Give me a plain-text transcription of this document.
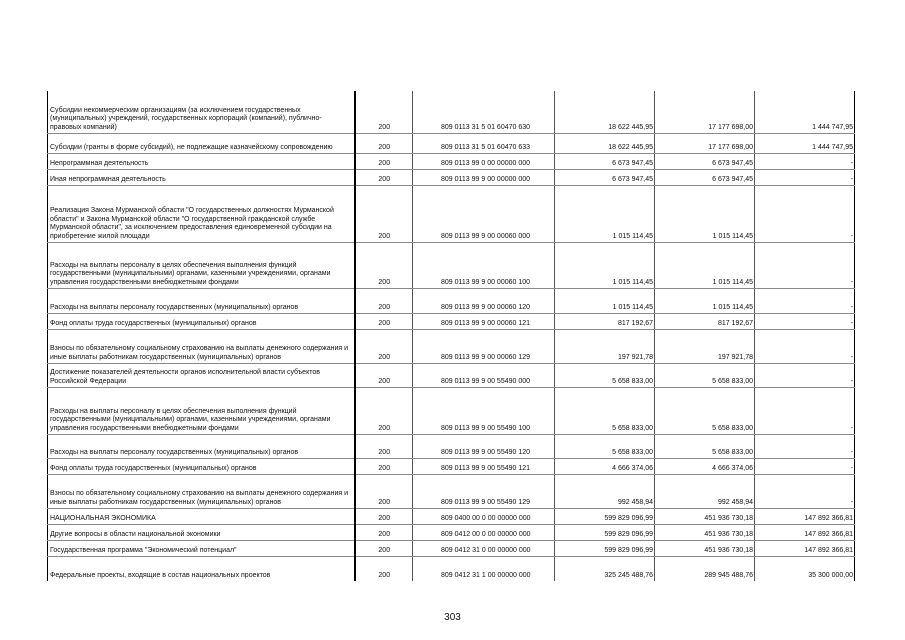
Субсидии некоммерческим организациям (за исключением государственных (муниципальных) учреждений, государственных корпораций (компаний), публично-правовых компаний)	200	809 0113 31 5 01 60470 630	18 622 445,95	17 177 698,00	1 444 747,95
Субсидии (гранты в форме субсидий), не подлежащие казначейскому сопровождению	200	809 0113 31 5 01 60470 633	18 622 445,95	17 177 698,00	1 444 747,95
Непрограммная деятельность	200	809 0113 99 0 00 00000 000	6 673 947,45	6 673 947,45	-
Иная непрограммная деятельность	200	809 0113 99 9 00 00000 000	6 673 947,45	6 673 947,45	-
Реализация Закона Мурманской области "О государственных должностях Мурманской области" и Закона Мурманской области "О государственной гражданской службе Мурманской области", за исключением предоставления единовременной субсидии на приобретение жилой площади	200	809 0113 99 9 00 00060 000	1 015 114,45	1 015 114,45	-
Расходы на выплаты персоналу в целях обеспечения выполнения функций государственными (муниципальными) органами, казенными учреждениями, органами управления государственными внебюджетными фондами	200	809 0113 99 9 00 00060 100	1 015 114,45	1 015 114,45	-
Расходы на выплаты персоналу государственных (муниципальных) органов	200	809 0113 99 9 00 00060 120	1 015 114,45	1 015 114,45	-
Фонд оплаты труда государственных (муниципальных) органов	200	809 0113 99 9 00 00060 121	817 192,67	817 192,67	-
Взносы по обязательному социальному страхованию на выплаты денежного содержания и иные выплаты работникам государственных (муниципальных) органов	200	809 0113 99 9 00 00060 129	197 921,78	197 921,78	-
Достижение показателей деятельности органов исполнительной власти субъектов Российской Федерации	200	809 0113 99 9 00 55490 000	5 658 833,00	5 658 833,00	-
Расходы на выплаты персоналу в целях обеспечения выполнения функций государственными (муниципальными) органами, казенными учреждениями, органами управления государственными внебюджетными фондами	200	809 0113 99 9 00 55490 100	5 658 833,00	5 658 833,00	-
Расходы на выплаты персоналу государственных (муниципальных) органов	200	809 0113 99 9 00 55490 120	5 658 833,00	5 658 833,00	-
Фонд оплаты труда государственных (муниципальных) органов	200	809 0113 99 9 00 55490 121	4 666 374,06	4 666 374,06	-
Взносы по обязательному социальному страхованию на выплаты денежного содержания и иные выплаты работникам государственных (муниципальных) органов	200	809 0113 99 9 00 55490 129	992 458,94	992 458,94	-
НАЦИОНАЛЬНАЯ ЭКОНОМИКА	200	809 0400 00 0 00 00000 000	599 829 096,99	451 936 730,18	147 892 366,81
Другие вопросы в области национальной экономики	200	809 0412 00 0 00 00000 000	599 829 096,99	451 936 730,18	147 892 366,81
Государственная программа "Экономический потенциал"	200	809 0412 31 0 00 00000 000	599 829 096,99	451 936 730,18	147 892 366,81
Федеральные проекты, входящие в состав национальных проектов	200	809 0412 31 1 00 00000 000	325 245 488,76	289 945 488,76	35 300 000,00
303
